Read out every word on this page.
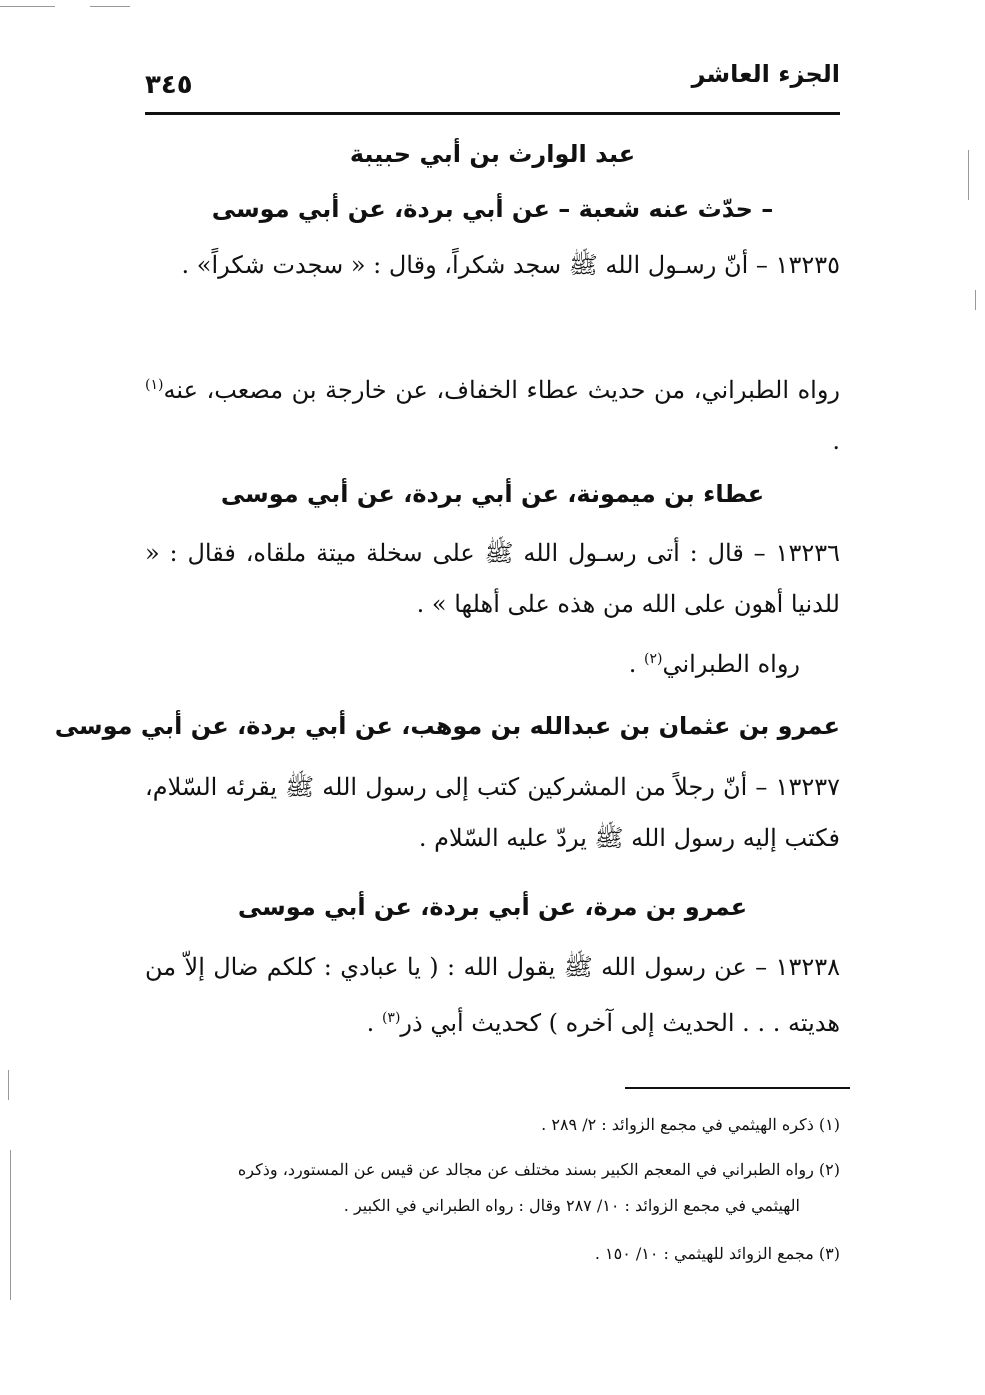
الجزء العاشر
٣٤٥
عبد الوارث بن أبي حبيبة
– حدّث عنه شعبة – عن أبي بردة، عن أبي موسى
١٣٢٣٥ – أنّ رسـول الله ﷺ سجد شكراً، وقال : « سجدت شكراً» .
رواه الطبراني، من حديث عطاء الخفاف، عن خارجة بن مصعب، عنه$^{(١)}$ .
عطاء بن ميمونة، عن أبي بردة، عن أبي موسى
١٣٢٣٦ – قال : أتى رسـول الله ﷺ على سخلة ميتة ملقاه، فقال : « للدنيا أهون على الله من هذه على أهلها » .
رواه الطبراني$^{(٢)}$ .
عمرو بن عثمان بن عبدالله بن موهب، عن أبي بردة، عن أبي موسى
١٣٢٣٧ – أنّ رجلاً من المشركين كتب إلى رسول الله ﷺ يقرئه السّلام، فكتب إليه رسول الله ﷺ يردّ عليه السّلام .
عمرو بن مرة، عن أبي بردة، عن أبي موسى
١٣٢٣٨ – عن رسول الله ﷺ يقول الله : ( يا عبادي : كلكم ضال إلاّ من هديته . . . الحديث إلى آخره ) كحديث أبي ذر$^{(٣)}$ .
(١) ذكره الهيثمي في مجمع الزوائد : ٢/ ٢٨٩ .
(٢) رواه الطبراني في المعجم الكبير بسند مختلف عن مجالد عن قيس عن المستورد، وذكره
الهيثمي في مجمع الزوائد : ١٠/ ٢٨٧ وقال : رواه الطبراني في الكبير .
(٣) مجمع الزوائد للهيثمي : ١٠/ ١٥٠ .
